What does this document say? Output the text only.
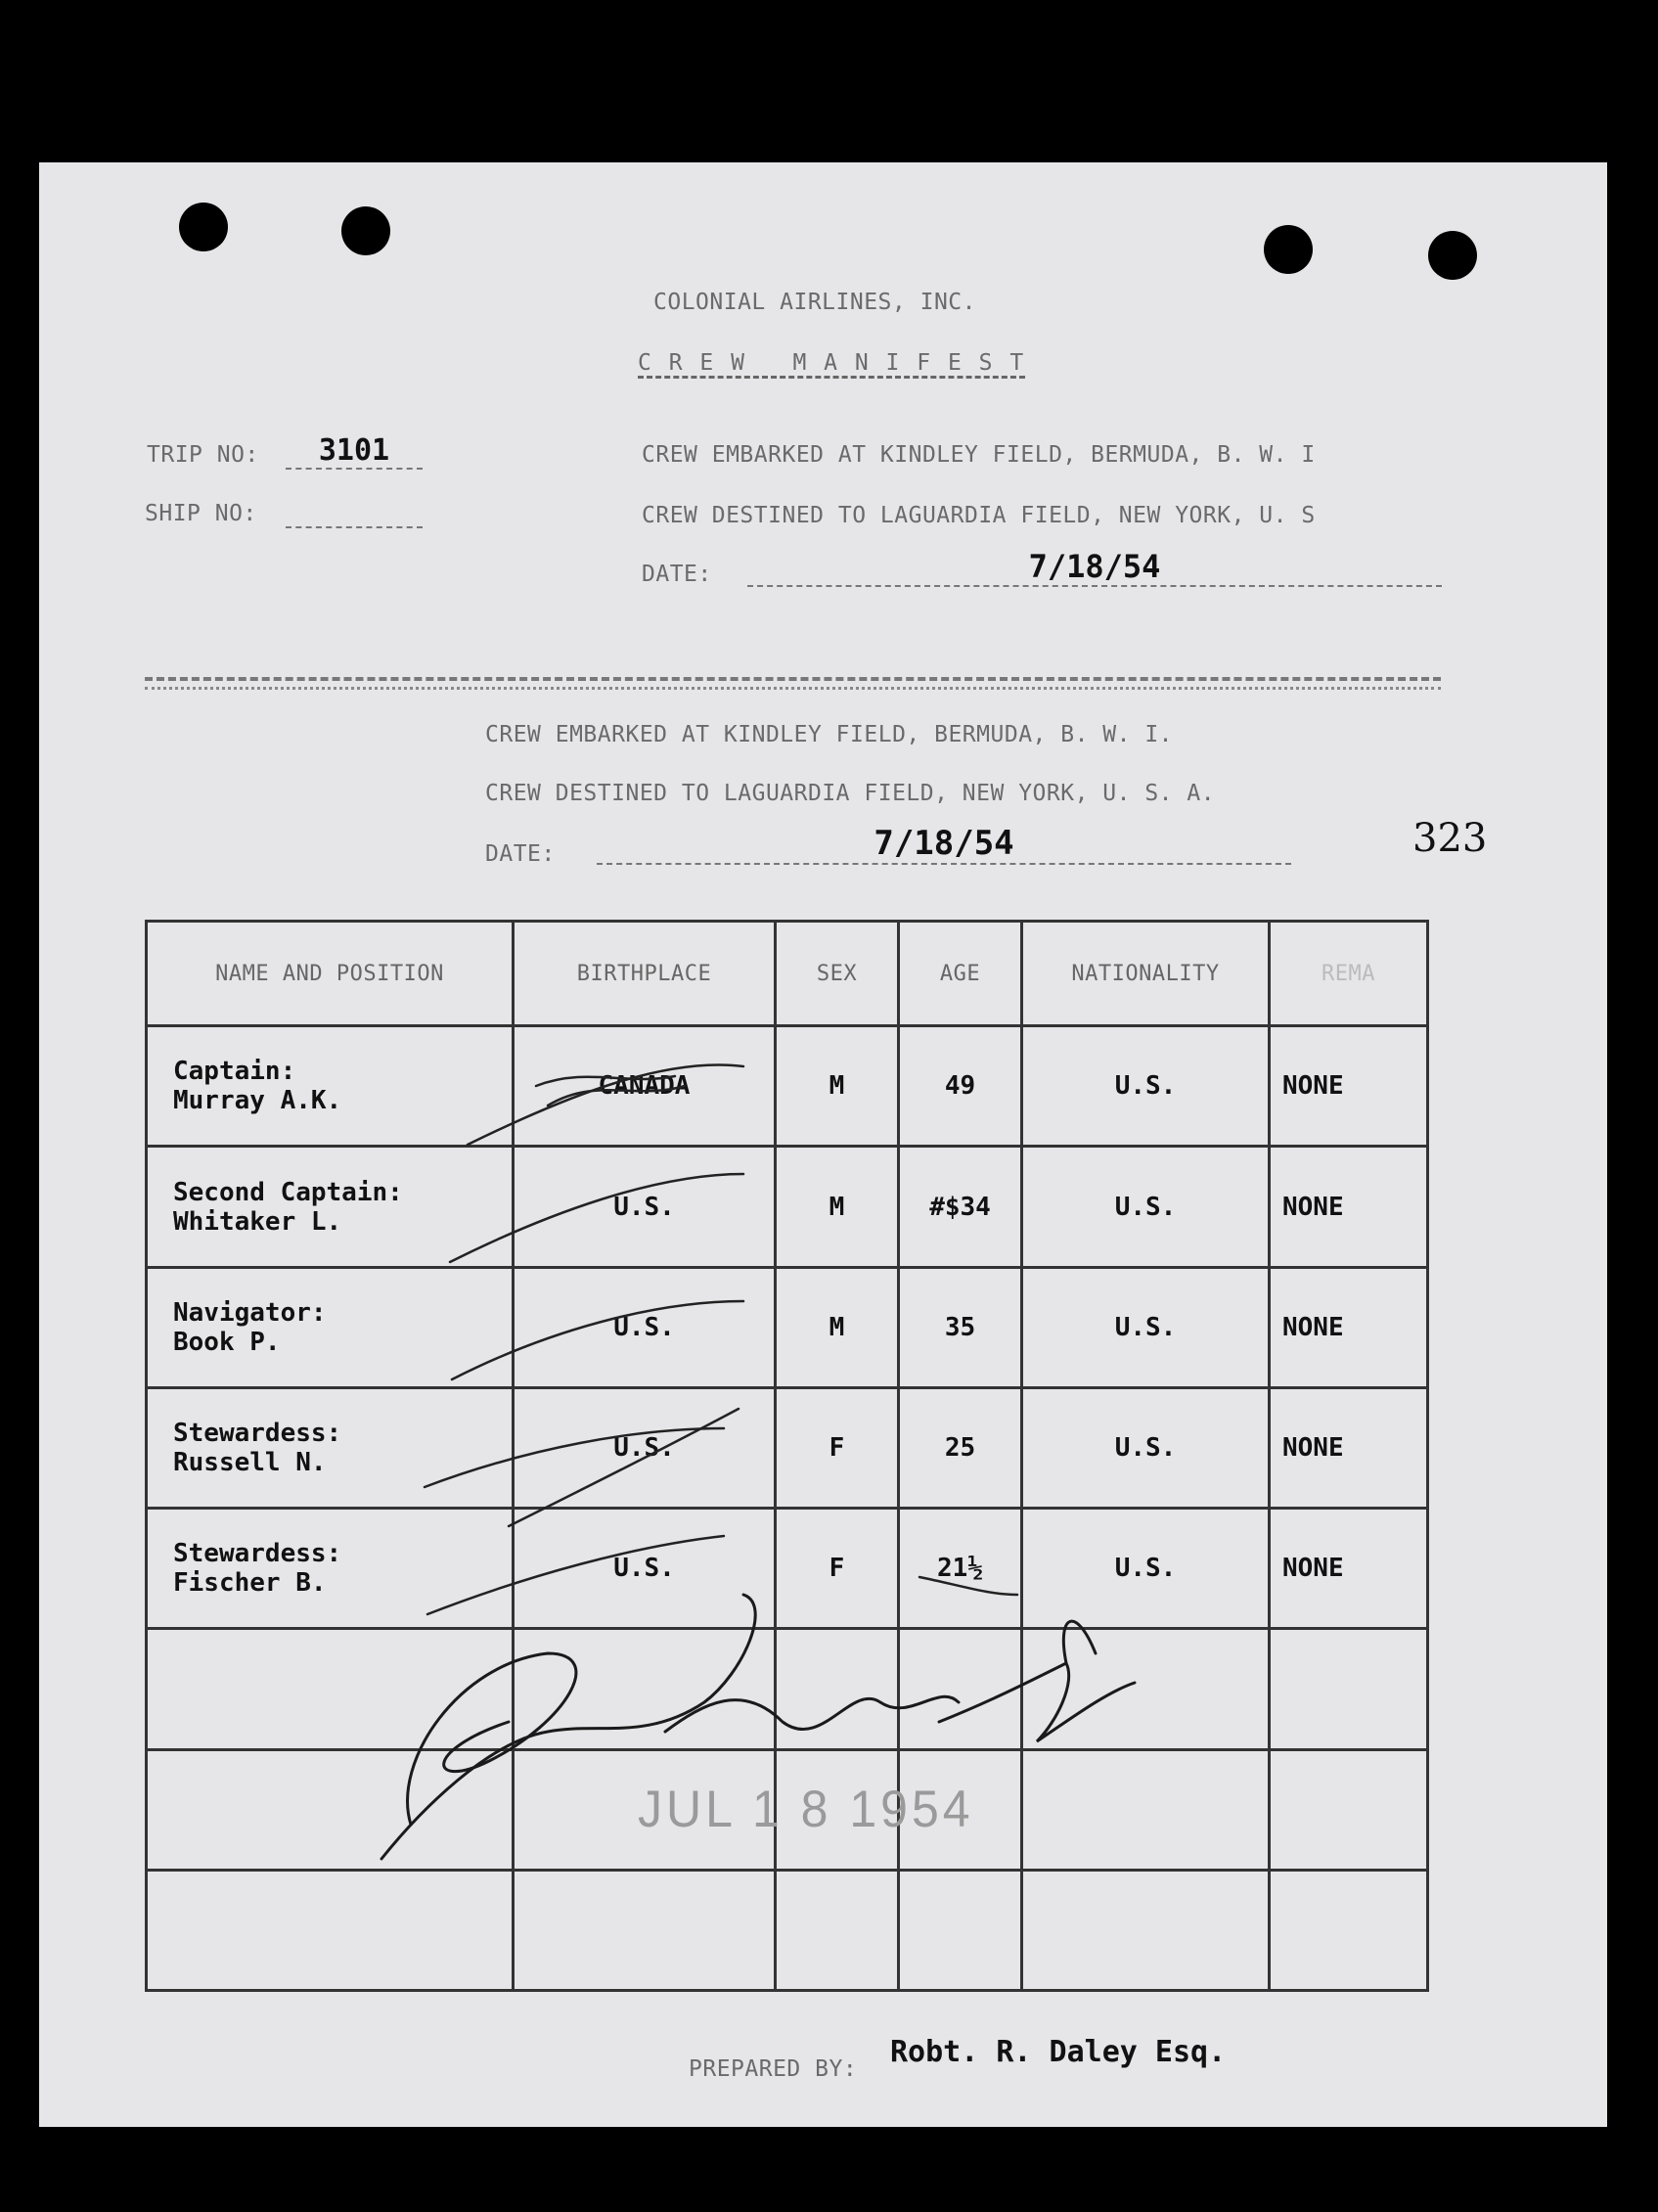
COLONIAL AIRLINES, INC.
C R E W   M A N I F E S T
TRIP NO:	3101
SHIP NO:
CREW EMBARKED AT KINDLEY FIELD, BERMUDA, B. W. I
CREW DESTINED TO LAGUARDIA FIELD, NEW YORK, U. S
DATE:	7/18/54
CREW EMBARKED AT KINDLEY FIELD, BERMUDA, B. W. I.
CREW DESTINED TO LAGUARDIA FIELD, NEW YORK, U. S. A.
DATE:	7/18/54	323
NAME AND POSITION	BIRTHPLACE	SEX	AGE	NATIONALITY	REMA
Captain:
Murray A.K.	CANADA	M	49	U.S.	NONE
Second Captain:
Whitaker L.	U.S.	M	#$34	U.S.	NONE
Navigator:
Book P.	U.S.	M	35	U.S.	NONE
Stewardess:
Russell N.	U.S.	F	25	U.S.	NONE
Stewardess:
Fischer B.	U.S.	F	21½	U.S.	NONE

JUL 1 8 1954
PREPARED BY: Robt. R. Daley Esq.
